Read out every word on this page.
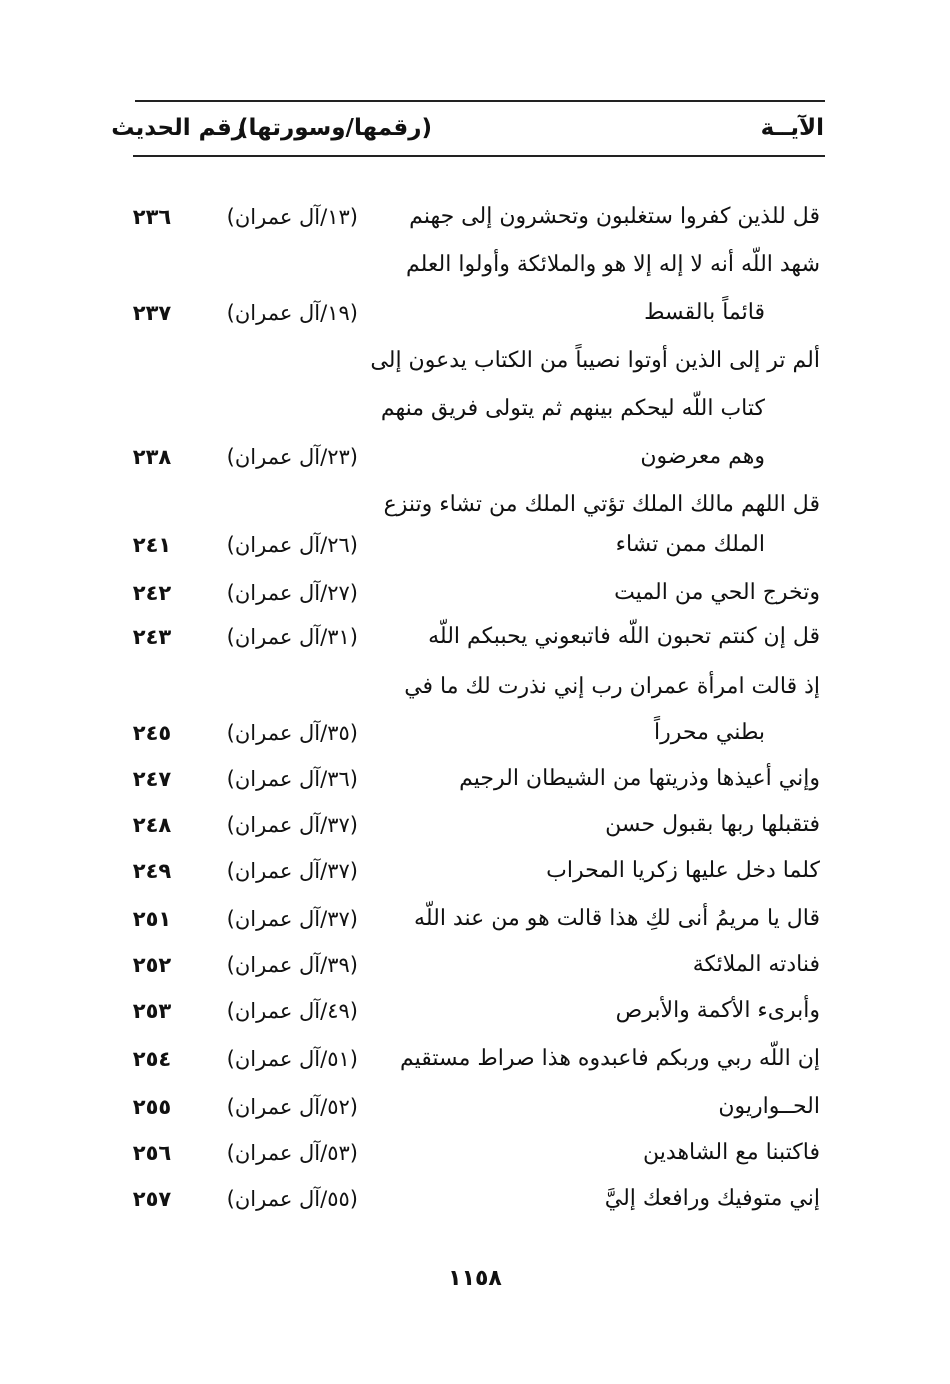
الآيــة
(رقمها/وسورتها)
رقم الحديث
قل للذين كفروا ستغلبون وتحشرون إلى جهنم
(١٣/آل عمران)
٢٣٦
شهد اللّه أنه لا إله إلا هو والملائكة وأولوا العلم
قائماً بالقسط
(١٩/آل عمران)
٢٣٧
ألم تر إلى الذين أوتوا نصيباً من الكتاب يدعون إلى
كتاب اللّه ليحكم بينهم ثم يتولى فريق منهم
وهم معرضون
(٢٣/آل عمران)
٢٣٨
قل اللهم مالك الملك تؤتي الملك من تشاء وتنزع
الملك ممن تشاء
(٢٦/آل عمران)
٢٤١
وتخرج الحي من الميت
(٢٧/آل عمران)
٢٤٢
قل إن كنتم تحبون اللّه فاتبعوني يحببكم اللّه
(٣١/آل عمران)
٢٤٣
إذ قالت امرأة عمران رب إني نذرت لك ما في
بطني محرراً
(٣٥/آل عمران)
٢٤٥
وإني أعيذها وذريتها من الشيطان الرجيم
(٣٦/آل عمران)
٢٤٧
فتقبلها ربها بقبول حسن
(٣٧/آل عمران)
٢٤٨
كلما دخل عليها زكريا المحراب
(٣٧/آل عمران)
٢٤٩
قال يا مريمُ أنى لكِ هذا قالت هو من عند اللّه
(٣٧/آل عمران)
٢٥١
فنادته الملائكة
(٣٩/آل عمران)
٢٥٢
وأبرىء الأكمة والأبرص
(٤٩/آل عمران)
٢٥٣
إن اللّه ربي وربكم فاعبدوه هذا صراط مستقيم
(٥١/آل عمران)
٢٥٤
الحــواريون
(٥٢/آل عمران)
٢٥٥
فاكتبنا مع الشاهدين
(٥٣/آل عمران)
٢٥٦
إني متوفيك ورافعك إليَّ
(٥٥/آل عمران)
٢٥٧
١١٥٨
